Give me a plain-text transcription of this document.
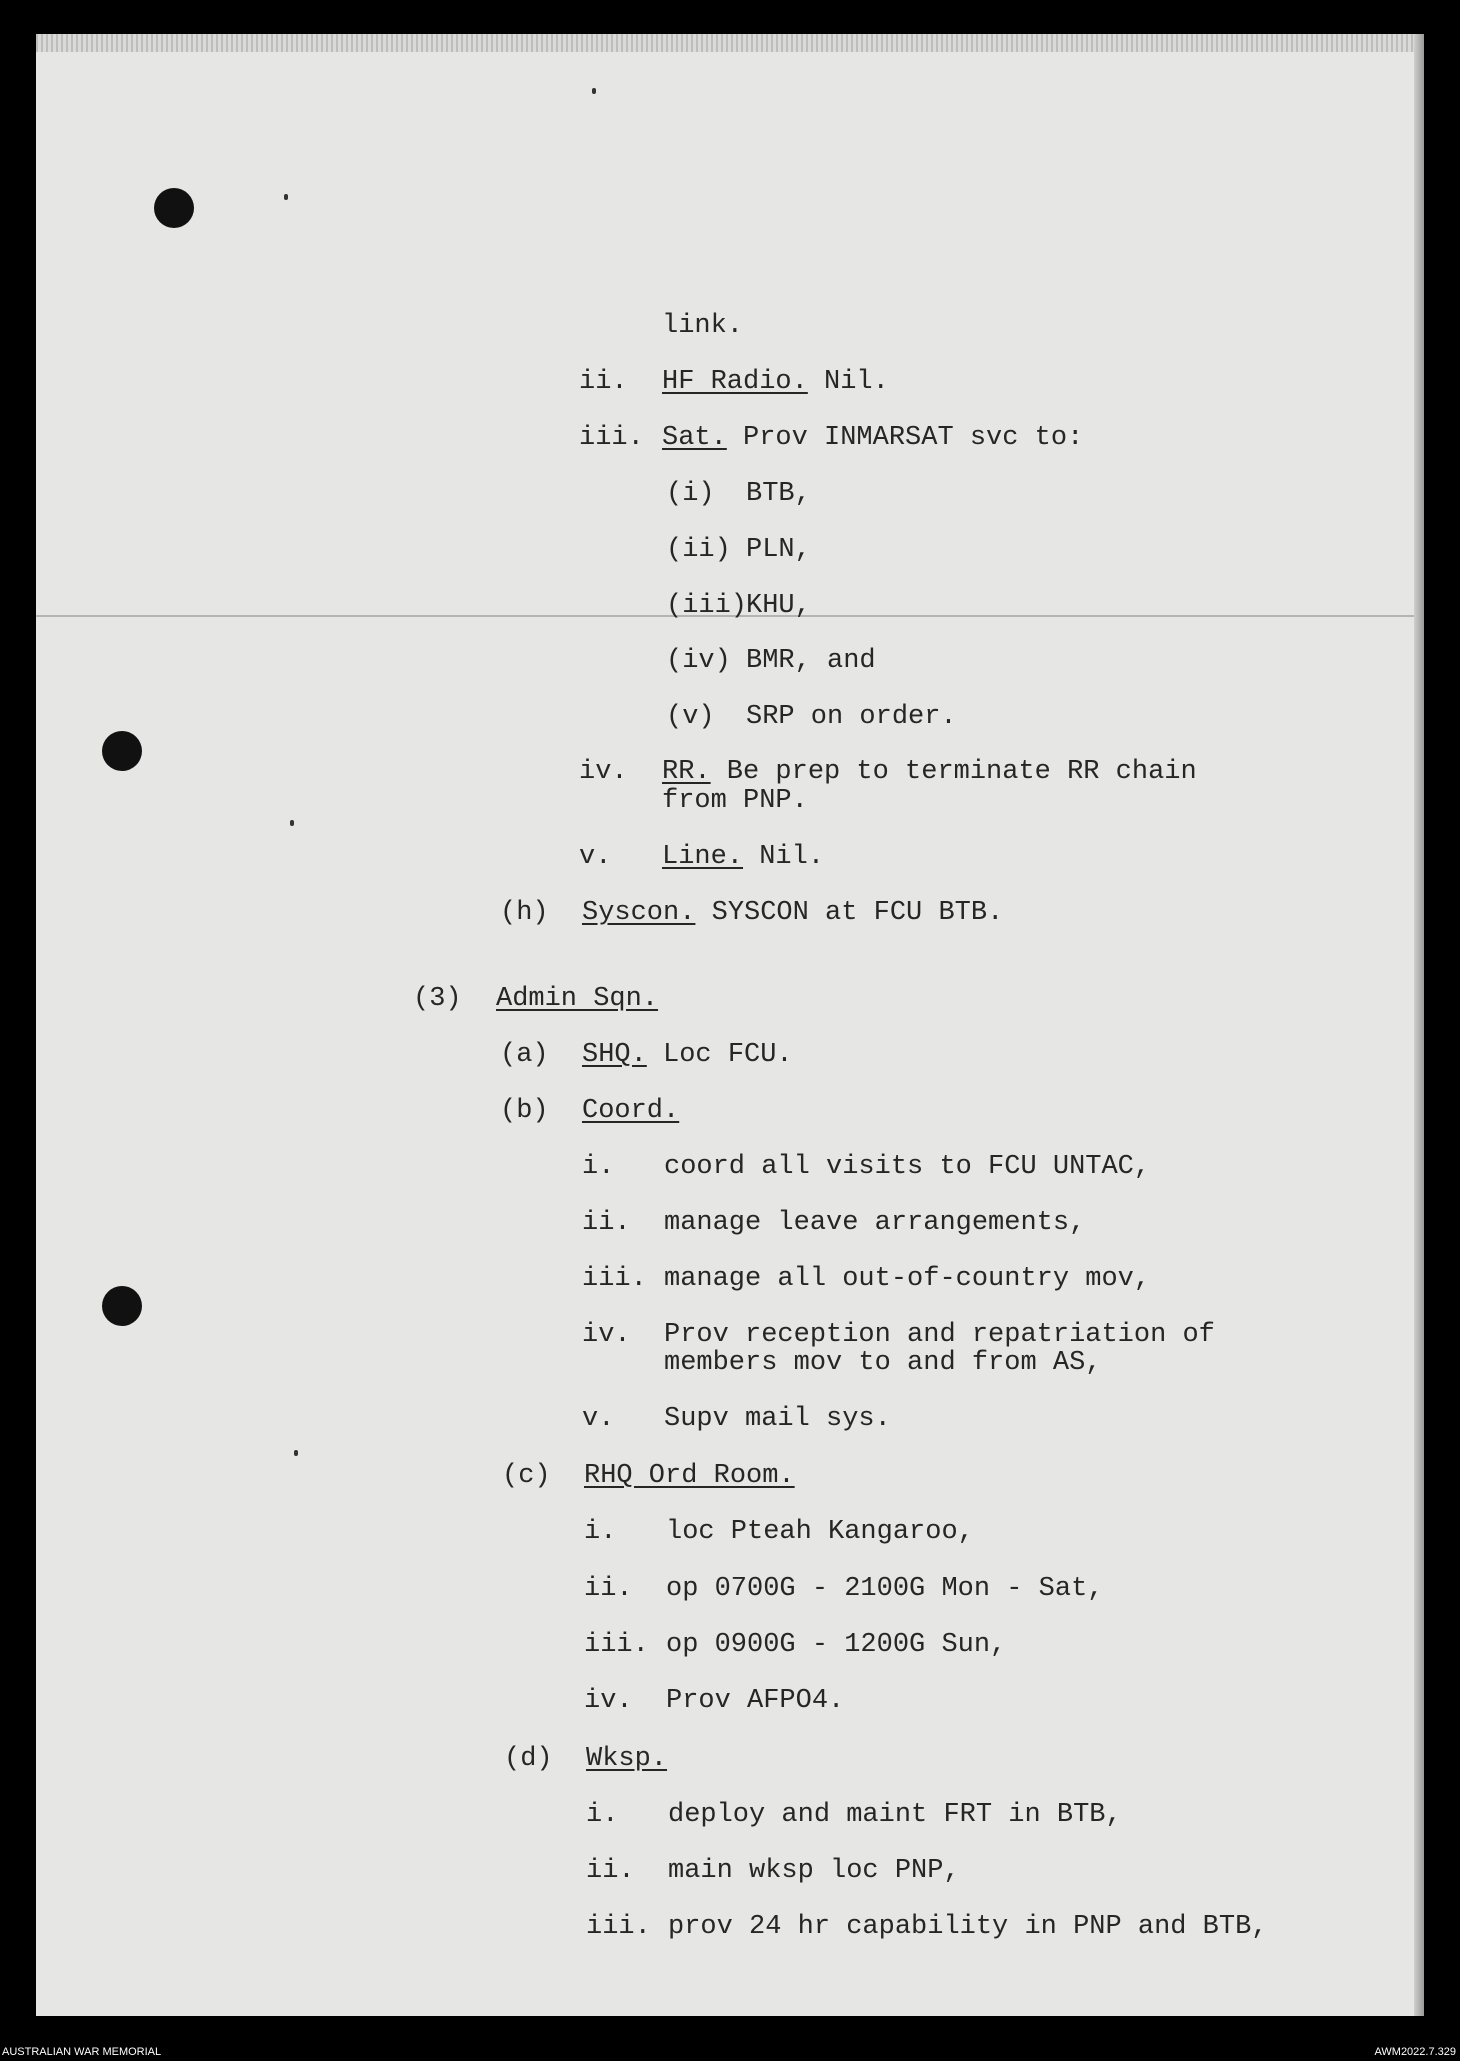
link.
ii. HF Radio. Nil.
iii. Sat. Prov INMARSAT svc to:
(i) BTB,
(ii) PLN,
(iii)
KHU,
(iv) BMR, and
(v) SRP on order.
iv. RR. Be prep to terminate RR chain
from PNP.
v. Line. Nil.
(h) Syscon. SYSCON at FCU BTB.
(3) Admin Sqn.
(a) SHQ. Loc FCU.
(b) Coord.
i. coord all visits to FCU UNTAC,
ii. manage leave arrangements,
iii. manage all out-of-country mov,
iv. Prov reception and repatriation of
members mov to and from AS,
v. Supv mail sys.
(c) RHQ Ord Room.
i. loc Pteah Kangaroo,
ii. op 0700G - 2100G Mon - Sat,
iii. op 0900G - 1200G Sun,
iv. Prov AFPO4.
(d) Wksp.
i. deploy and maint FRT in BTB,
ii. main wksp loc PNP,
iii. prov 24 hr capability in PNP and BTB,
AUSTRALIAN WAR MEMORIAL	AWM2022.7.329
